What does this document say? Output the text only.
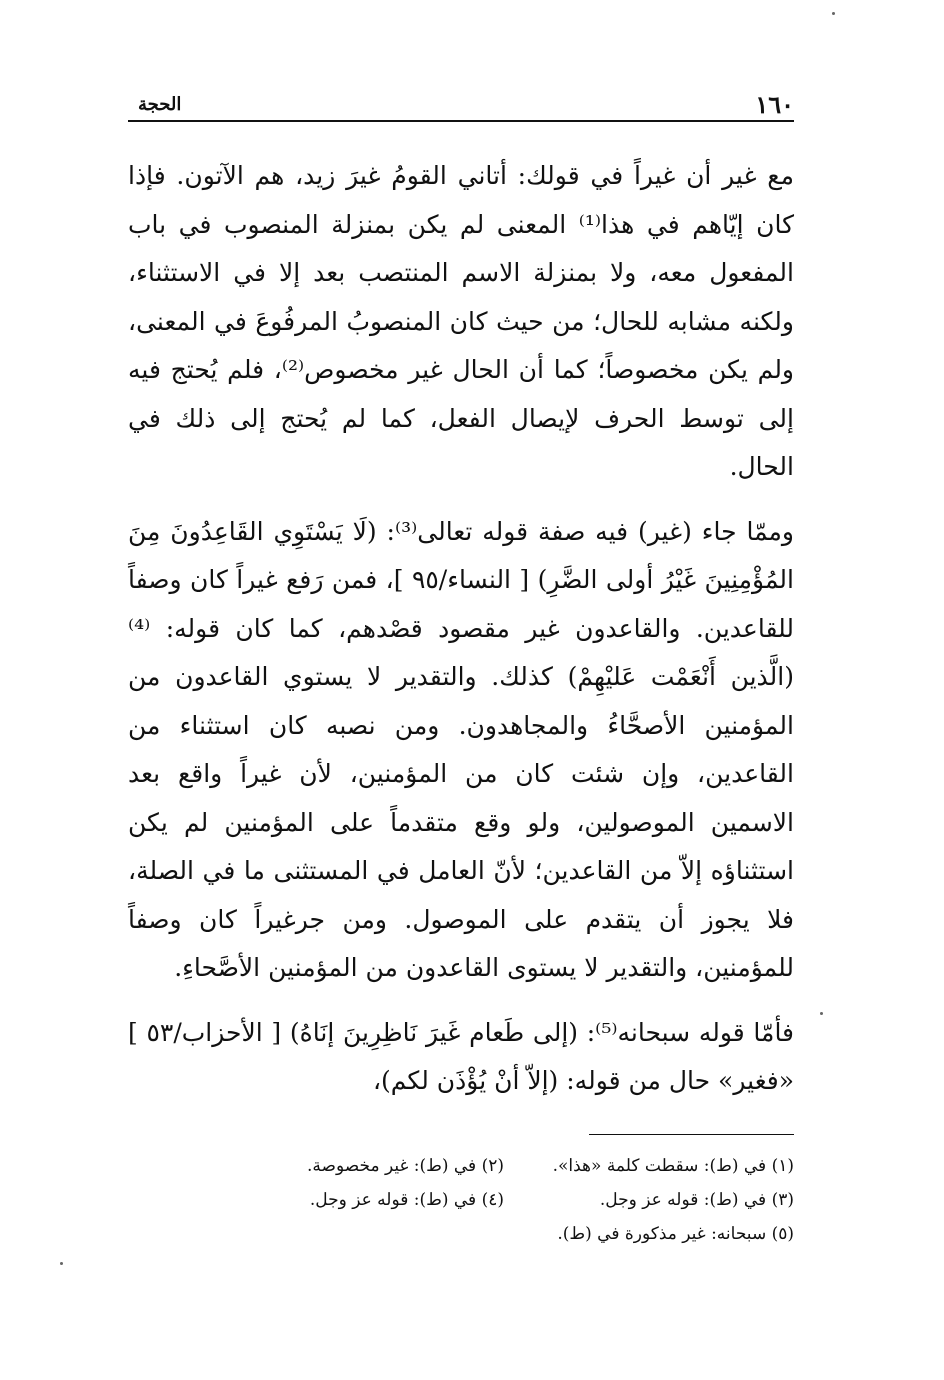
١٦٠
الحجة

مع غير أن غيراً في قولك: أتاني القومُ غيرَ زيد، هم الآتون. فإذا كان إيّاهم في هذا⁽¹⁾ المعنى لم يكن بمنزلة المنصوب في باب المفعول معه، ولا بمنزلة الاسم المنتصب بعد إلا في الاستثناء، ولكنه مشابه للحال؛ من حيث كان المنصوبُ المرفُوعَ في المعنى، ولم يكن مخصوصاً؛ كما أن الحال غير مخصوص⁽²⁾، فلم يُحتج فيه إلى توسط الحرف لإيصال الفعل، كما لم يُحتج إلى ذلك في الحال.

وممّا جاء (غير) فيه صفة قوله تعالى⁽³⁾: (لَا يَسْتَوِي القَاعِدُونَ مِنَ المُؤْمِنِينَ غَيْرُ أولى الضَّرِ) [ النساء/٩٥ ]، فمن رَفع غيراً كان وصفاً للقاعدين. والقاعدون غير مقصود قصْدهم، كما كان قوله: ⁽⁴⁾(الَّذين أَنْعَمْت عَليْهِمْ) كذلك. والتقدير لا يستوي القاعدون من المؤمنين الأصحَّاءُ والمجاهدون. ومن نصبه كان استثناء من القاعدين، وإن شئت كان من المؤمنين، لأن غيراً واقع بعد الاسمين الموصولين، ولو وقع متقدماً على المؤمنين لم يكن استثناؤه إلاّ من القاعدين؛ لأنّ العامل في المستثنى ما في الصلة، فلا يجوز أن يتقدم على الموصول. ومن جرغيراً كان وصفاً للمؤمنين، والتقدير لا يستوى القاعدون من المؤمنين الأصَّحاءِ.

فأمّا قوله سبحانه⁽⁵⁾: (إلى طَعام غَيرَ نَاظِرِينَ إنَاهُ) [ الأحزاب/٥٣ ] «فغير» حال من قوله: (إلاّ أنْ يُؤْذَن لكم)،

(١) في (ط): سقطت كلمة «هذا».
(٢) في (ط): غير مخصوصة.
(٣) في (ط): قوله عز وجل.
(٤) في (ط): قوله عز وجل.
(٥) سبحانه: غير مذكورة في (ط).
